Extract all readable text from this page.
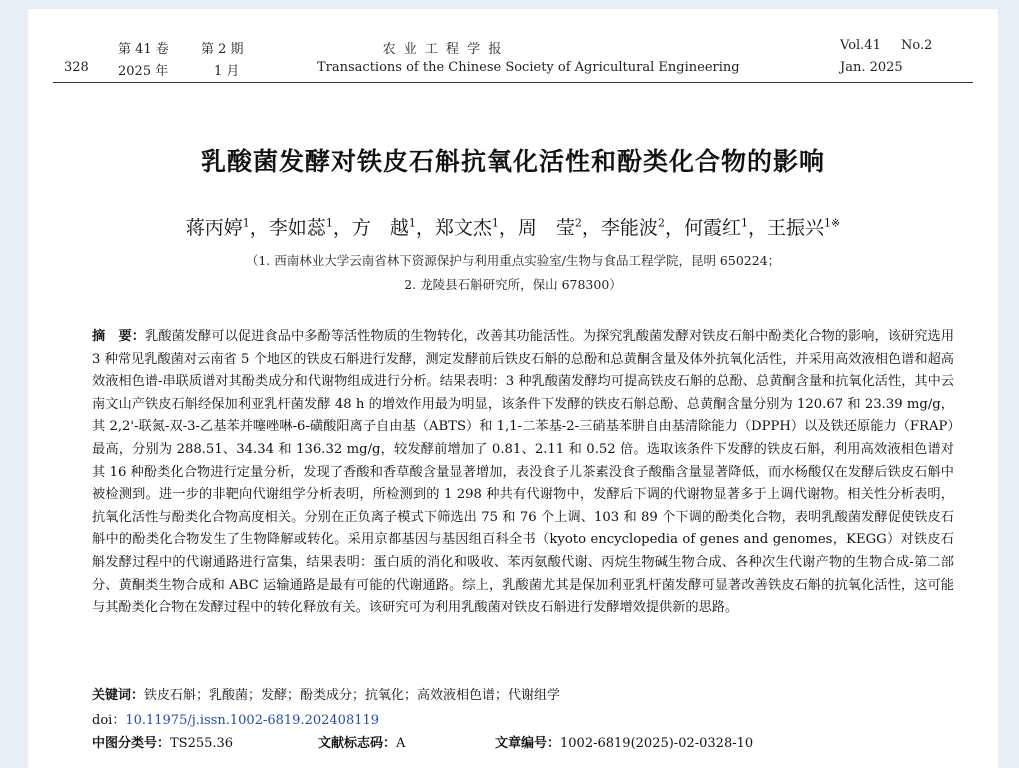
328
第 41 卷 第 2 期
2025 年	1 月
农 业 工 程 学 报
Transactions of the Chinese Society of Agricultural Engineering
Vol.41 No.2
Jan. 2025
乳酸菌发酵对铁皮石斛抗氧化活性和酚类化合物的影响
蒋丙婷$^1$，李如蕊$^1$，方　越$^1$，郑文杰$^1$，周　莹$^2$，李能波$^2$，何霞红$^1$，王振兴$^{1※}$
（1. 西南林业大学云南省林下资源保护与利用重点实验室/生物与食品工程学院，昆明 650224；
2. 龙陵县石斛研究所，保山 678300）
摘　要：乳酸菌发酵可以促进食品中多酚等活性物质的生物转化，改善其功能活性。为探究乳酸菌发酵对铁皮石斛中酚类化合物的影响，该研究选用 3 种常见乳酸菌对云南省 5 个地区的铁皮石斛进行发酵，测定发酵前后铁皮石斛的总酚和总黄酮含量及体外抗氧化活性，并采用高效液相色谱和超高效液相色谱-串联质谱对其酚类成分和代谢物组成进行分析。结果表明：3 种乳酸菌发酵均可提高铁皮石斛的总酚、总黄酮含量和抗氧化活性，其中云南文山产铁皮石斛经保加利亚乳杆菌发酵 48 h 的增效作用最为明显，该条件下发酵的铁皮石斛总酚、总黄酮含量分别为 120.67 和 23.39 mg/g，其 2,2'-联氮-双-3-乙基苯并噻唑啉-6-磺酸阳离子自由基（ABTS）和 1,1-二苯基-2-三硝基苯肼自由基清除能力（DPPH）以及铁还原能力（FRAP）最高，分别为 288.51、34.34 和 136.32 mg/g，较发酵前增加了 0.81、2.11 和 0.52 倍。选取该条件下发酵的铁皮石斛，利用高效液相色谱对其 16 种酚类化合物进行定量分析，发现了香酸和香草酸含量显著增加，表没食子儿茶素没食子酸酯含量显著降低，而水杨酸仅在发酵后铁皮石斛中被检测到。进一步的非靶向代谢组学分析表明，所检测到的 1 298 种共有代谢物中，发酵后下调的代谢物显著多于上调代谢物。相关性分析表明，抗氧化活性与酚类化合物高度相关。分别在正负离子模式下筛选出 75 和 76 个上调、103 和 89 个下调的酚类化合物，表明乳酸菌发酵促使铁皮石斛中的酚类化合物发生了生物降解或转化。采用京都基因与基因组百科全书（kyoto encyclopedia of genes and genomes，KEGG）对铁皮石斛发酵过程中的代谢通路进行富集，结果表明：蛋白质的消化和吸收、苯丙氨酸代谢、丙烷生物碱生物合成、各种次生代谢产物的生物合成-第二部分、黄酮类生物合成和 ABC 运输通路是最有可能的代谢通路。综上，乳酸菌尤其是保加利亚乳杆菌发酵可显著改善铁皮石斛的抗氧化活性，这可能与其酚类化合物在发酵过程中的转化释放有关。该研究可为利用乳酸菌对铁皮石斛进行发酵增效提供新的思路。
关键词：铁皮石斛；乳酸菌；发酵；酚类成分；抗氧化；高效液相色谱；代谢组学
doi：10.11975/j.issn.1002-6819.202408119
中图分类号：TS255.36	文献标志码：A	文章编号：1002-6819(2025)-02-0328-10
